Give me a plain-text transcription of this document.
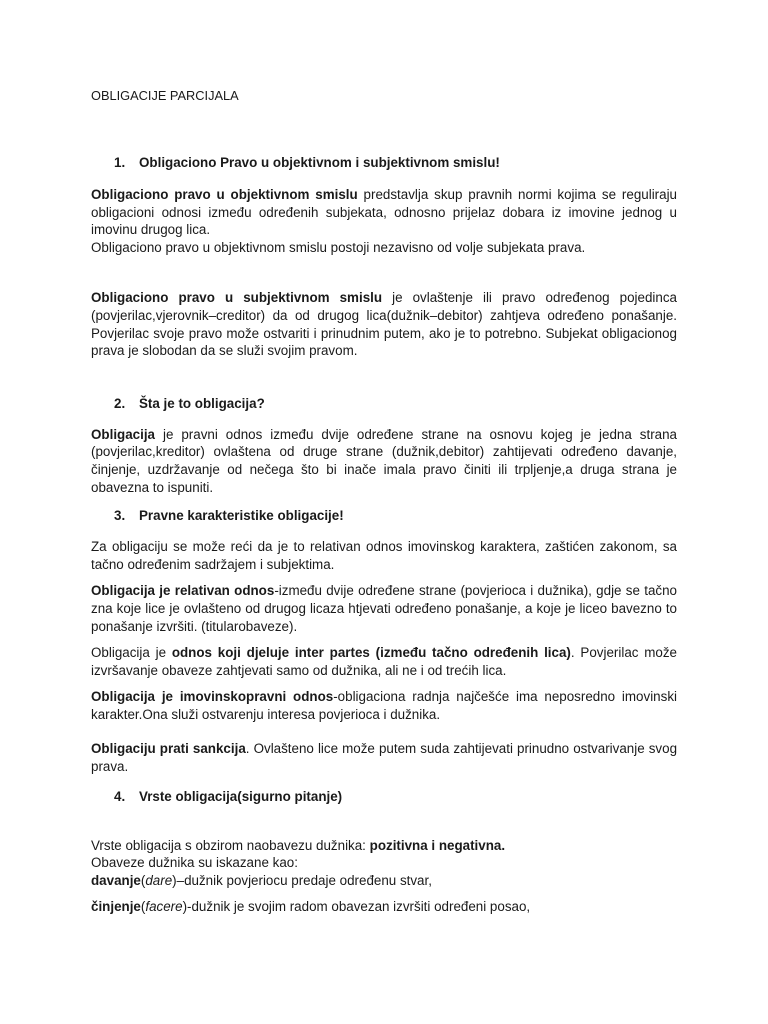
OBLIGACIJE PARCIJALA
1.	Obligaciono Pravo u objektivnom i subjektivnom smislu!

Obligaciono pravo u objektivnom smislu predstavlja skup pravnih normi kojima se reguliraju obligacioni odnosi između određenih subjekata, odnosno prijelaz dobara iz imovine jednog u imovinu drugog lica.

Obligaciono pravo u objektivnom smislu postoji nezavisno od volje subjekata prava.

Obligaciono pravo u subjektivnom smislu je ovlaštenje ili pravo određenog pojedinca (povjerilac,vjerovnik–creditor) da od drugog lica(dužnik–debitor) zahtjeva određeno ponašanje. Povjerilac svoje pravo može ostvariti i prinudnim putem, ako je to potrebno. Subjekat obligacionog prava je slobodan da se služi svojim pravom.

2.	Šta je to obligacija?

Obligacija je pravni odnos između dvije određene strane na osnovu kojeg je jedna strana (povjerilac,kreditor) ovlaštena od druge strane (dužnik,debitor) zahtijevati određeno davanje, činjenje, uzdržavanje od nečega što bi inače imala pravo činiti ili trpljenje,a druga strana je obavezna to ispuniti.

3.	Pravne karakteristike obligacije!

Za obligaciju se može reći da je to relativan odnos imovinskog karaktera, zaštićen zakonom, sa tačno određenim sadržajem i subjektima.

Obligacija je relativan odnos-između dvije određene strane (povjerioca i dužnika), gdje se tačno zna koje lice je ovlašteno od drugog licaza htjevati određeno ponašanje, a koje je liceo bavezno to ponašanje izvršiti. (titularobaveze).

Obligacija je odnos koji djeluje inter partes (između tačno određenih lica). Povjerilac može izvršavanje obaveze zahtjevati samo od dužnika, ali ne i od trećih lica.

Obligacija je imovinskopravni odnos-obligaciona radnja najčešće ima neposredno imovinski karakter.Ona služi ostvarenju interesa povjerioca i dužnika.

Obligaciju prati sankcija. Ovlašteno lice može putem suda zahtijevati prinudno ostvarivanje svog prava.

4.	Vrste obligacija(sigurno pitanje)

Vrste obligacija s obzirom naobavezu dužnika: pozitivna i negativna.

Obaveze dužnika su iskazane kao:

davanje(dare)–dužnik povjeriocu predaje određenu stvar,

činjenje(facere)-dužnik je svojim radom obavezan izvršiti određeni posao,
